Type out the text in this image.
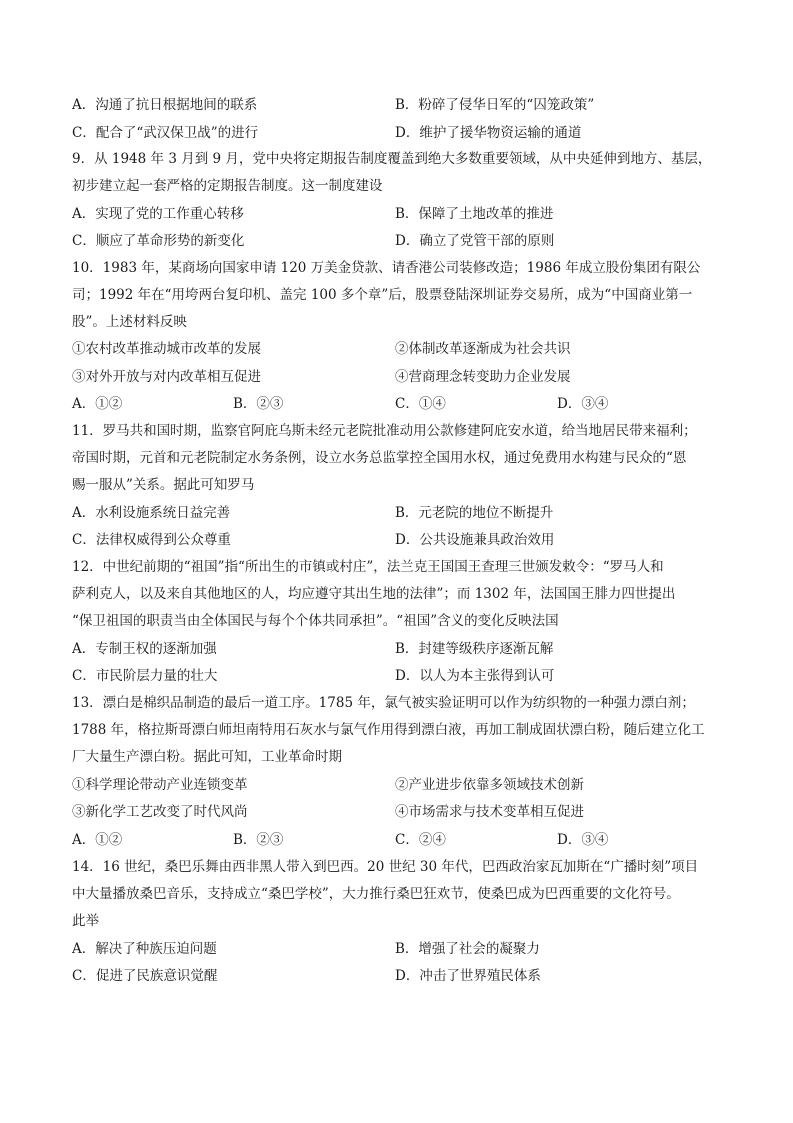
A．沟通了抗日根据地间的联系	B．粉碎了侵华日军的“囚笼政策”
C．配合了“武汉保卫战”的进行	D．维护了援华物资运输的通道
9．从 1948 年 3 月到 9 月，党中央将定期报告制度覆盖到绝大多数重要领域，从中央延伸到地方、基层，
初步建立起一套严格的定期报告制度。这一制度建设
A．实现了党的工作重心转移	B．保障了土地改革的推进
C．顺应了革命形势的新变化	D．确立了党管干部的原则
10．1983 年，某商场向国家申请 120 万美金贷款、请香港公司装修改造；1986 年成立股份集团有限公
司；1992 年在“用垮两台复印机、盖完 100 多个章”后，股票登陆深圳证券交易所，成为“中国商业第一
股”。上述材料反映
①农村改革推动城市改革的发展	②体制改革逐渐成为社会共识
③对外开放与对内改革相互促进	④营商理念转变助力企业发展
A．①②	B．②③	C．①④	D．③④
11．罗马共和国时期，监察官阿庇乌斯未经元老院批准动用公款修建阿庇安水道，给当地居民带来福利；
帝国时期，元首和元老院制定水务条例，设立水务总监掌控全国用水权，通过免费用水构建与民众的“恩
赐一服从”关系。据此可知罗马
A．水利设施系统日益完善	B．元老院的地位不断提升
C．法律权威得到公众尊重	D．公共设施兼具政治效用
12．中世纪前期的“祖国”指“所出生的市镇或村庄”，法兰克王国国王查理三世颁发敕令：“罗马人和
萨利克人，以及来自其他地区的人，均应遵守其出生地的法律”；而 1302 年，法国国王腓力四世提出
“保卫祖国的职责当由全体国民与每个个体共同承担”。“祖国”含义的变化反映法国
A．专制王权的逐渐加强	B．封建等级秩序逐渐瓦解
C．市民阶层力量的壮大	D．以人为本主张得到认可
13．漂白是棉织品制造的最后一道工序。1785 年，氯气被实验证明可以作为纺织物的一种强力漂白剂；
1788 年，格拉斯哥漂白师坦南特用石灰水与氯气作用得到漂白液，再加工制成固状漂白粉，随后建立化工
厂大量生产漂白粉。据此可知，工业革命时期
①科学理论带动产业连锁变革	②产业进步依靠多领域技术创新
③新化学工艺改变了时代风尚	④市场需求与技术变革相互促进
A．①②	B．②③	C．②④	D．③④
14．16 世纪，桑巴乐舞由西非黑人带入到巴西。20 世纪 30 年代，巴西政治家瓦加斯在“广播时刻”项目
中大量播放桑巴音乐，支持成立“桑巴学校”，大力推行桑巴狂欢节，使桑巴成为巴西重要的文化符号。
此举
A．解决了种族压迫问题	B．增强了社会的凝聚力
C．促进了民族意识觉醒	D．冲击了世界殖民体系
